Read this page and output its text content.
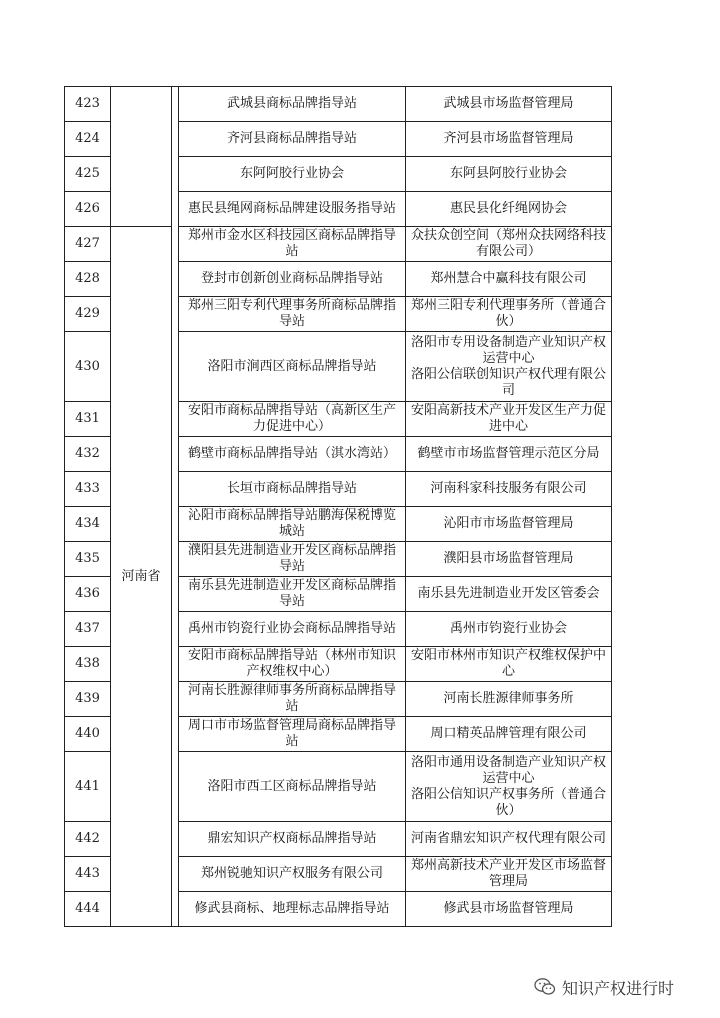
423			武城县商标品牌指导站	武城县市场监督管理局
424			齐河县商标品牌指导站	齐河县市场监督管理局
425			东阿阿胶行业协会	东阿县阿胶行业协会
426			惠民县绳网商标品牌建设服务指导站	惠民县化纤绳网协会
427	河南省		郑州市金水区科技园区商标品牌指导站	众扶众创空间（郑州众扶网络科技有限公司）
428			登封市创新创业商标品牌指导站	郑州慧合中赢科技有限公司
429			郑州三阳专利代理事务所商标品牌指导站	郑州三阳专利代理事务所（普通合伙）
430			洛阳市涧西区商标品牌指导站	洛阳市专用设备制造产业知识产权运营中心
洛阳公信联创知识产权代理有限公司

431			安阳市商标品牌指导站（高新区生产力促进中心）	安阳高新技术产业开发区生产力促进中心
432			鹤壁市商标品牌指导站（淇水湾站）	鹤壁市市场监督管理示范区分局
433			长垣市商标品牌指导站	河南科家科技服务有限公司
434			沁阳市商标品牌指导站鹏海保税博览城站	沁阳市市场监督管理局
435			濮阳县先进制造业开发区商标品牌指导站	濮阳县市场监督管理局
436			南乐县先进制造业开发区商标品牌指导站	南乐县先进制造业开发区管委会
437			禹州市钧瓷行业协会商标品牌指导站	禹州市钧瓷行业协会
438			安阳市商标品牌指导站（林州市知识产权维权中心）	安阳市林州市知识产权维权保护中心
439			河南长胜源律师事务所商标品牌指导站	河南长胜源律师事务所
440			周口市市场监督管理局商标品牌指导站	周口精英品牌管理有限公司
441			洛阳市西工区商标品牌指导站	洛阳市通用设备制造产业知识产权运营中心
洛阳公信知识产权事务所（普通合伙）

442			鼎宏知识产权商标品牌指导站	河南省鼎宏知识产权代理有限公司
443			郑州锐驰知识产权服务有限公司	郑州高新技术产业开发区市场监督管理局
444			修武县商标、地理标志品牌指导站	修武县市场监督管理局
知识产权进行时
